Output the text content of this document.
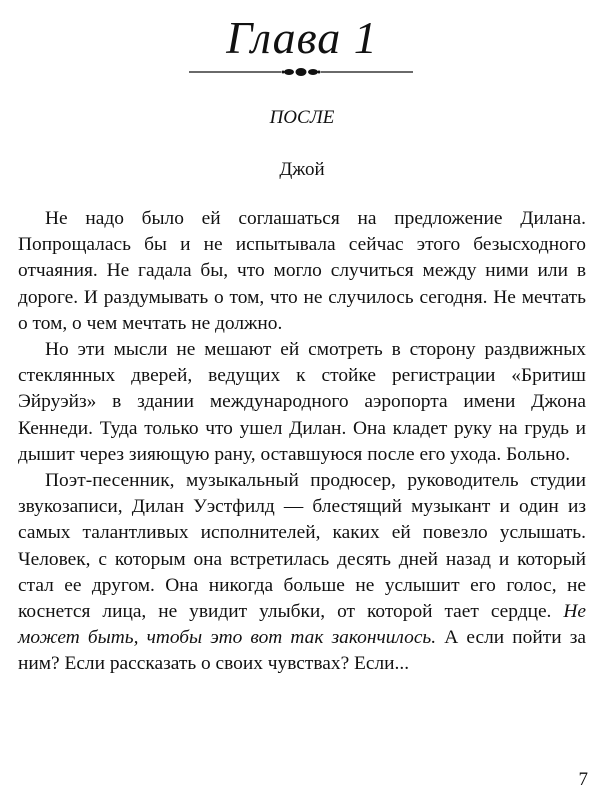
Глава 1
ПОСЛЕ
Джой

Не надо было ей соглашаться на предложение Дилана. Попрощалась бы и не испытывала сейчас этого безысходного отчаяния. Не гадала бы, что могло случиться между ними или в дороге. И раздумывать о том, что не случилось сегодня. Не мечтать о том, о чем мечтать не должно.

Но эти мысли не мешают ей смотреть в сторону раздвижных стеклянных дверей, ведущих к стойке регистрации «Бритиш Эйруэйз» в здании международного аэропорта имени Джона Кеннеди. Туда только что ушел Дилан. Она кладет руку на грудь и дышит через зияющую рану, оставшуюся после его ухода. Больно.

Поэт-песенник, музыкальный продюсер, руководитель студии звукозаписи, Дилан Уэстфилд — блестящий музыкант и один из самых талантливых исполнителей, каких ей повезло услышать. Человек, с которым она встретилась десять дней назад и который стал ее другом. Она никогда больше не услышит его голос, не коснется лица, не увидит улыбки, от которой тает сердце. Не может быть, чтобы это вот так закончилось. А если пойти за ним? Если рассказать о своих чувствах? Если...

7
